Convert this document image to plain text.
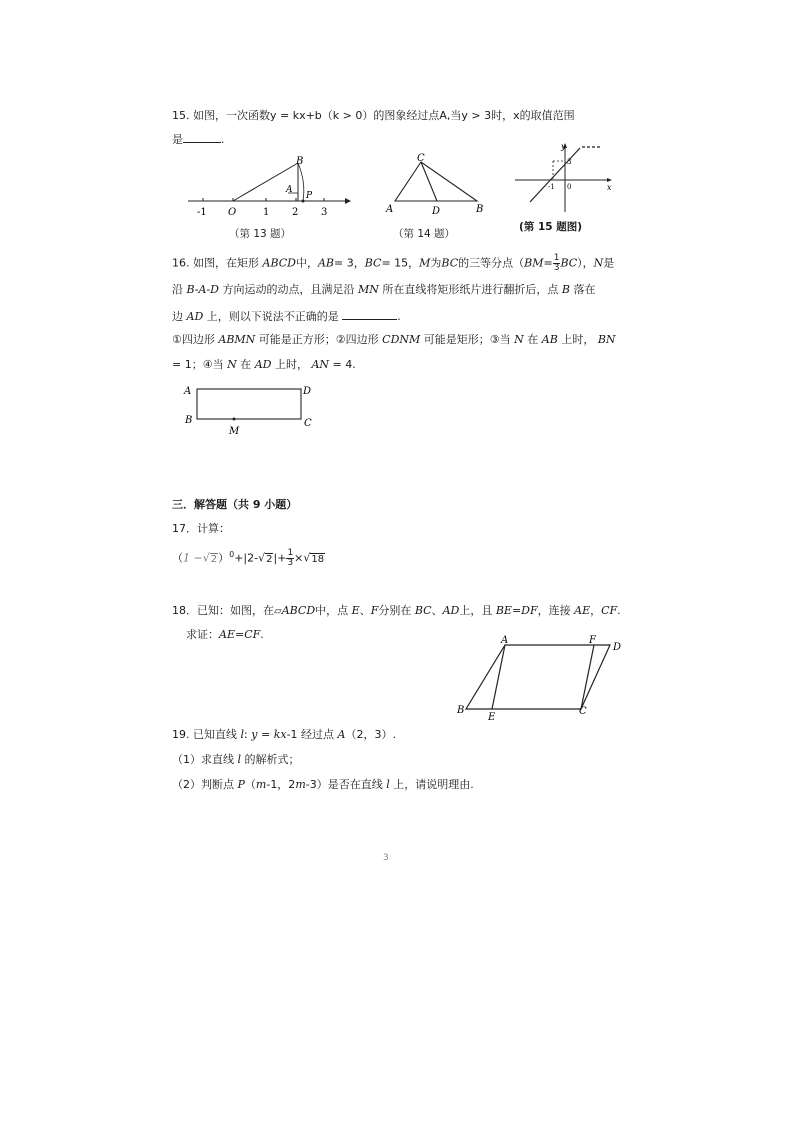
15. 如图，一次函数y = kx+b（k > 0）的图象经过点A,当y > 3时，x的取值范围
是	.
-1 O	1 2 3
B
A
P
（第 13 题）
C
A	D	B
（第 14 题）
y
x
0
-1
3
(第 15 题图)
16. 如图，在矩形 ABCD中，AB= 3，BC= 15，M为BC的三等分点$(BM= \frac{1}{3} BC)$，N是
沿 B-A-D 方向运动的动点，且满足沿 MN 所在直线将矩形纸片进行翻折后，点 B 落在
边 AD 上，则以下说法不正确的是	.
①四边形 ABMN 可能是正方形；②四边形 CDNM 可能是矩形；③当 N 在 AB 上时， BN
= 1；④当 N 在 AD 上时， AN = 4.
A	D
B	C
M
三．解答题（共 9 小题）
17．计算：
$(1 -√2)^0+|2-√2|+ \frac{1}{3} \times√18$
18．已知：如图，在▱ABCD中，点 E、F分别在 BC、AD上，且 BE=DF，连接 AE，CF.
求证：AE=CF.	A	F
D
B
E
C
19. 已知直线 l: y = kx-1 经过点 A（2，3）.
（1）求直线 l 的解析式；
（2）判断点 P（m-1，2m-3）是否在直线 l 上，请说明理由.
3
